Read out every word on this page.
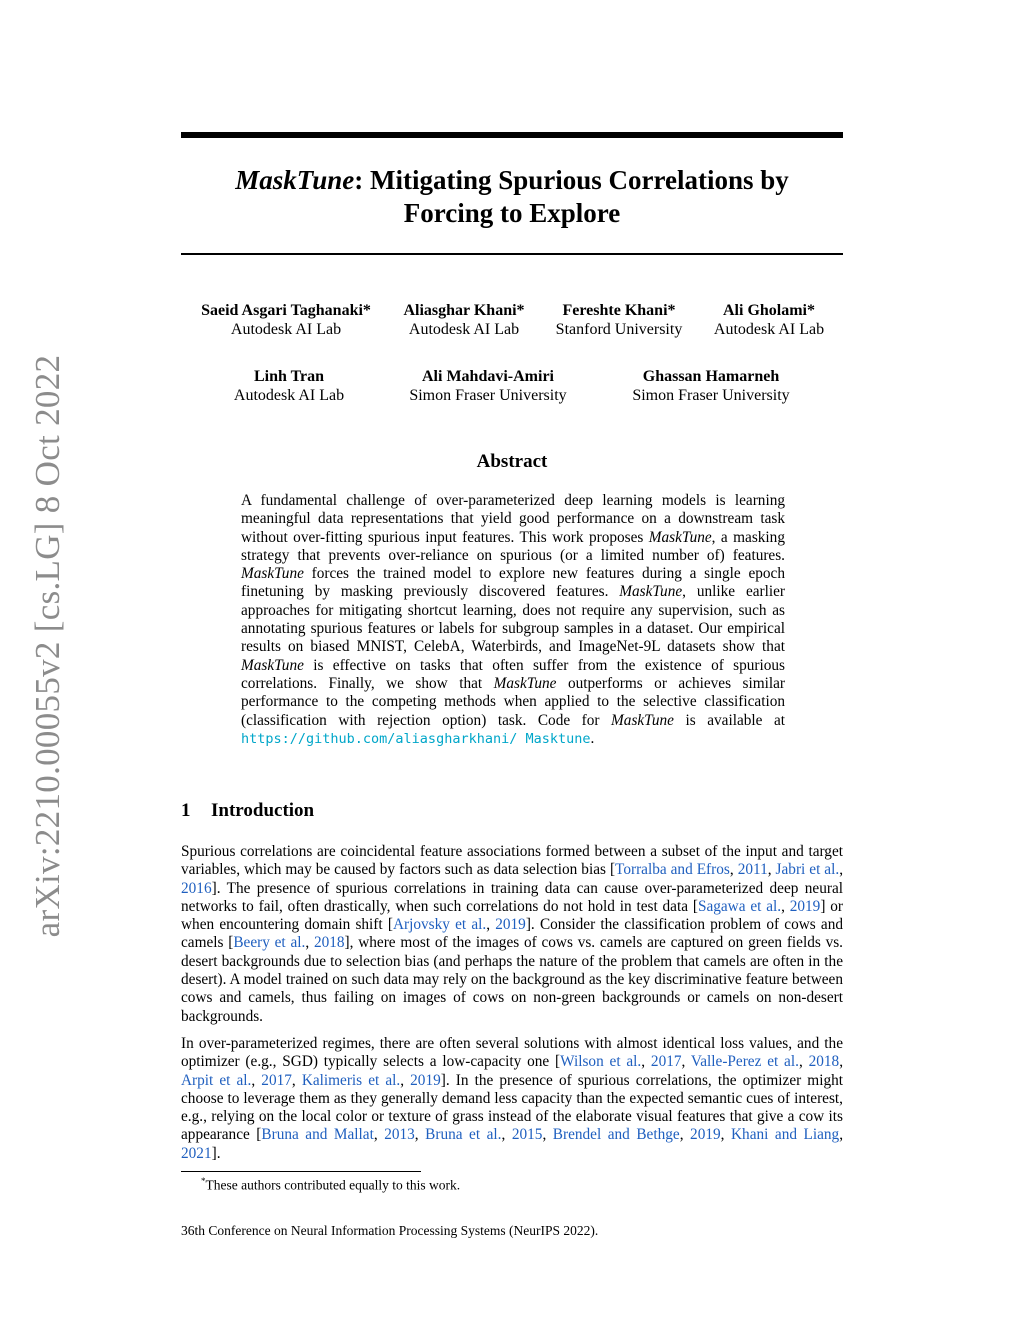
MaskTune: Mitigating Spurious Correlations by
Forcing to Explore
arXiv:2210.00055v2 [cs.LG] 8 Oct 2022
Saeid Asgari Taghanaki*
Autodesk AI Lab
Aliasghar Khani*
Autodesk AI Lab
Fereshte Khani*
Stanford University
Ali Gholami*
Autodesk AI Lab
Linh Tran
Autodesk AI Lab
Ali Mahdavi-Amiri
Simon Fraser University
Ghassan Hamarneh
Simon Fraser University
Abstract
A fundamental challenge of over-parameterized deep learning models is learning meaningful data representations that yield good performance on a downstream task without over-fitting spurious input features. This work proposes MaskTune, a masking strategy that prevents over-reliance on spurious (or a limited number of) features. MaskTune forces the trained model to explore new features during a single epoch finetuning by masking previously discovered features. MaskTune, unlike earlier approaches for mitigating shortcut learning, does not require any supervision, such as annotating spurious features or labels for subgroup samples in a dataset. Our empirical results on biased MNIST, CelebA, Waterbirds, and ImageNet-9L datasets show that MaskTune is effective on tasks that often suffer from the existence of spurious correlations. Finally, we show that MaskTune outperforms or achieves similar performance to the competing methods when applied to the selective classification (classification with rejection option) task. Code for MaskTune is available at https://github.com/aliasgharkhani/ Masktune.
1 Introduction
Spurious correlations are coincidental feature associations formed between a subset of the input and target variables, which may be caused by factors such as data selection bias [Torralba and Efros, 2011, Jabri et al., 2016]. The presence of spurious correlations in training data can cause over-parameterized deep neural networks to fail, often drastically, when such correlations do not hold in test data [Sagawa et al., 2019] or when encountering domain shift [Arjovsky et al., 2019]. Consider the classification problem of cows and camels [Beery et al., 2018], where most of the images of cows vs. camels are captured on green fields vs. desert backgrounds due to selection bias (and perhaps the nature of the problem that camels are often in the desert). A model trained on such data may rely on the background as the key discriminative feature between cows and camels, thus failing on images of cows on non-green backgrounds or camels on non-desert backgrounds.
In over-parameterized regimes, there are often several solutions with almost identical loss values, and the optimizer (e.g., SGD) typically selects a low-capacity one [Wilson et al., 2017, Valle-Perez et al., 2018, Arpit et al., 2017, Kalimeris et al., 2019]. In the presence of spurious correlations, the optimizer might choose to leverage them as they generally demand less capacity than the expected semantic cues of interest, e.g., relying on the local color or texture of grass instead of the elaborate visual features that give a cow its appearance [Bruna and Mallat, 2013, Bruna et al., 2015, Brendel and Bethge, 2019, Khani and Liang, 2021].
*These authors contributed equally to this work.
36th Conference on Neural Information Processing Systems (NeurIPS 2022).
